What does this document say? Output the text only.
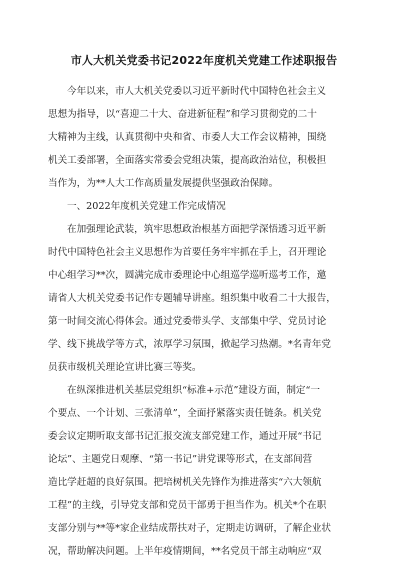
市人大机关党委书记2022年度机关党建工作述职报告
今年以来，市人大机关党委以习近平新时代中国特色社会主义
思想为指导，以“喜迎二十大、奋进新征程”和学习贯彻党的二十
大精神为主线，认真贯彻中央和省、市委人大工作会议精神，围绕
机关工委部署，全面落实常委会党组决策，提高政治站位，积极担
当作为，为**人大工作高质量发展提供坚强政治保障。
一、2022年度机关党建工作完成情况
在加强理论武装，筑牢思想政治根基方面把学深悟透习近平新
时代中国特色社会主义思想作为首要任务牢牢抓在手上，召开理论
中心组学习**次，圆满完成市委理论中心组巡学巡听巡考工作，邀
请省人大机关党委书记作专题辅导讲座。组织集中收看二十大报告，
第一时间交流心得体会。通过党委带头学、支部集中学、党员讨论
学、线下挑战学等方式，浓厚学习氛围，掀起学习热潮。*名青年党
员获市级机关理论宣讲比赛三等奖。
在纵深推进机关基层党组织“标准+示范”建设方面，制定“一
个要点、一个计划、三张清单”，全面抒紧落实责任链条。机关党
委会议定期听取支部书记汇报交流支部党建工作，通过开展“书记
论坛”、主题党日观摩、“第一书记”讲党课等形式，在支部间营
造比学赶超的良好氛围。把培树机关先锋作为推进落实“六大领航
工程”的主线，引导党支部和党员干部勇于担当作为。机关*个在职
支部分别与**等*家企业结成帮扶对子，定期走访调研，了解企业状
况，帮助解决问题。上半年疫情期间，**名党员干部主动响应“双
